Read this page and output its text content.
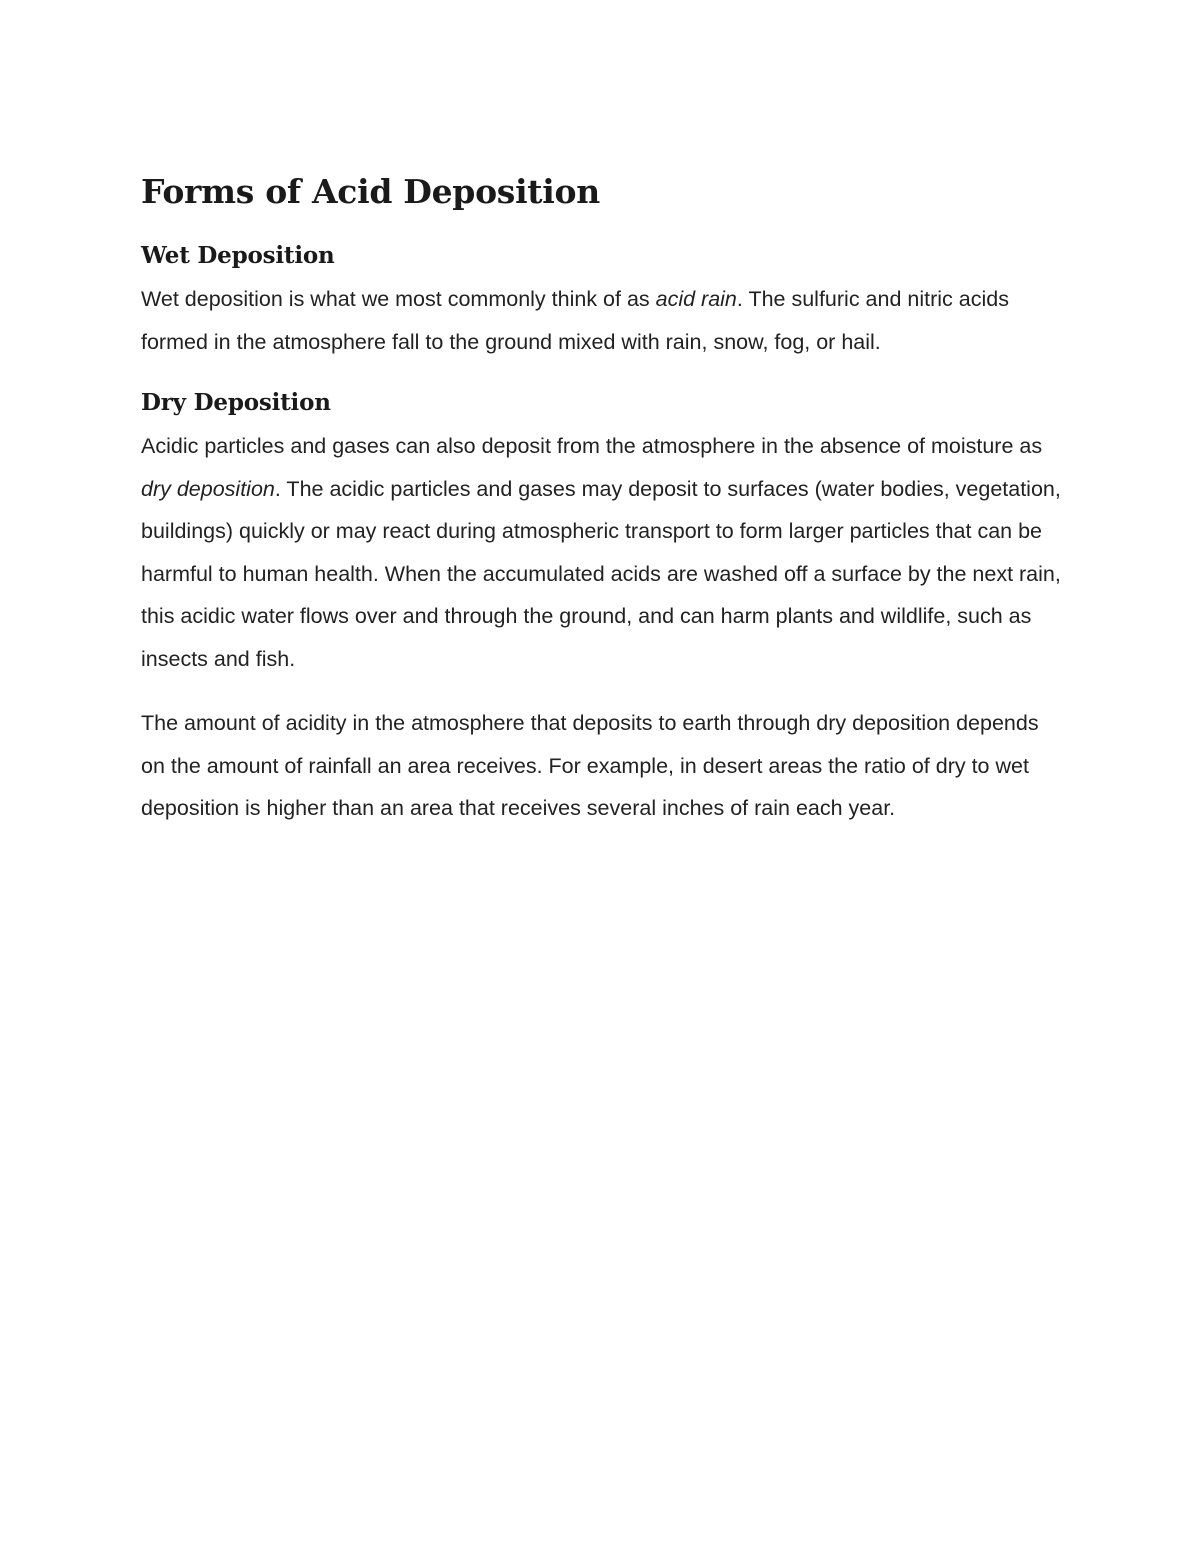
Forms of Acid Deposition
Wet Deposition

Wet deposition is what we most commonly think of as acid rain. The sulfuric and nitric acids formed in the atmosphere fall to the ground mixed with rain, snow, fog, or hail.

Dry Deposition

Acidic particles and gases can also deposit from the atmosphere in the absence of moisture as dry deposition. The acidic particles and gases may deposit to surfaces (water bodies, vegetation, buildings) quickly or may react during atmospheric transport to form larger particles that can be harmful to human health. When the accumulated acids are washed off a surface by the next rain, this acidic water flows over and through the ground, and can harm plants and wildlife, such as insects and fish.

The amount of acidity in the atmosphere that deposits to earth through dry deposition depends on the amount of rainfall an area receives. For example, in desert areas the ratio of dry to wet deposition is higher than an area that receives several inches of rain each year.
